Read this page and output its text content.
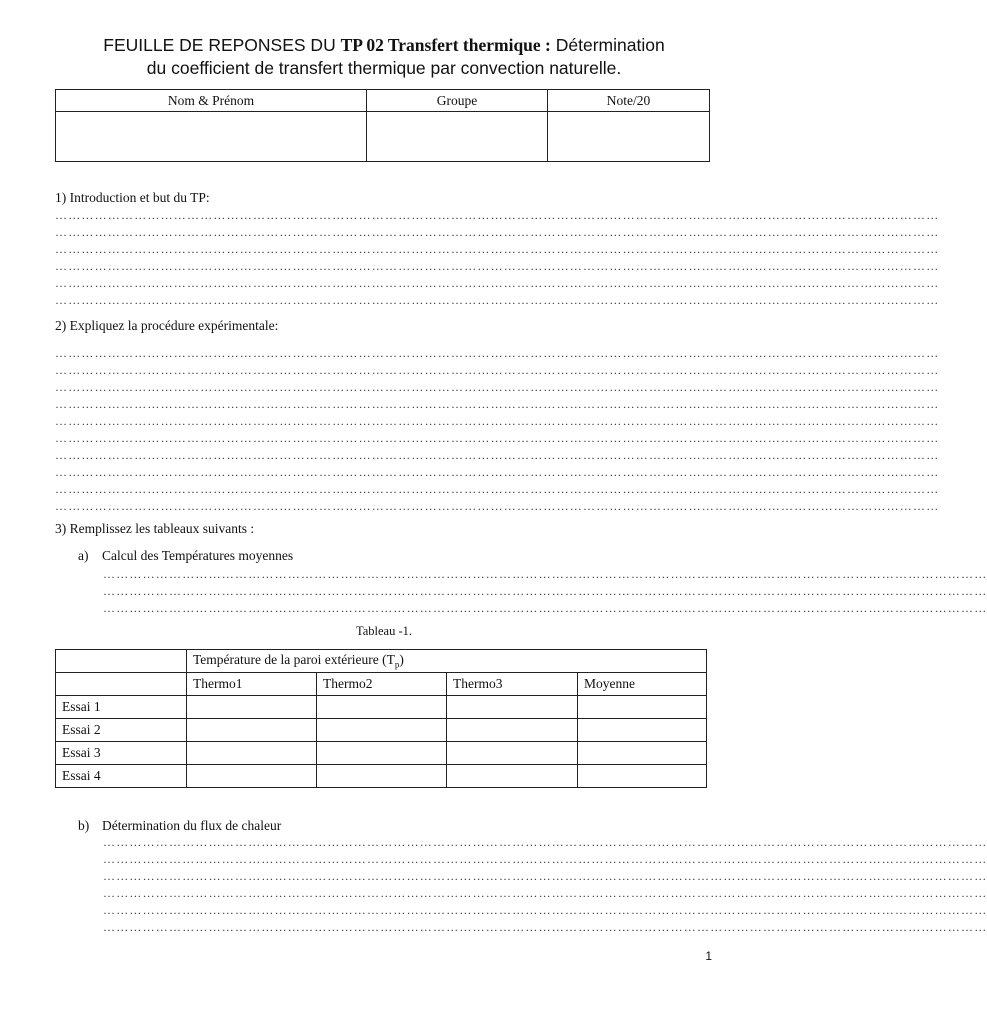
FEUILLE DE REPONSES DU TP 02 Transfert thermique : Détermination
du coefficient de transfert thermique par convection naturelle.
Nom & Prénom	Groupe	Note/20

1) Introduction et but du TP:
…………………………………………………………………………………………………………………………………………………………………………………
…………………………………………………………………………………………………………………………………………………………………………………
…………………………………………………………………………………………………………………………………………………………………………………
…………………………………………………………………………………………………………………………………………………………………………………
…………………………………………………………………………………………………………………………………………………………………………………
…………………………………………………………………………………………………………………………………………………………………………………
2) Expliquez la procédure expérimentale:
…………………………………………………………………………………………………………………………………………………………………………………
…………………………………………………………………………………………………………………………………………………………………………………
…………………………………………………………………………………………………………………………………………………………………………………
…………………………………………………………………………………………………………………………………………………………………………………
…………………………………………………………………………………………………………………………………………………………………………………
…………………………………………………………………………………………………………………………………………………………………………………
…………………………………………………………………………………………………………………………………………………………………………………
…………………………………………………………………………………………………………………………………………………………………………………
…………………………………………………………………………………………………………………………………………………………………………………
…………………………………………………………………………………………………………………………………………………………………………………
3) Remplissez les tableaux suivants :
a) Calcul des Températures moyennes
…………………………………………………………………………………………………………………………………………………………………………………
…………………………………………………………………………………………………………………………………………………………………………………
…………………………………………………………………………………………………………………………………………………………………………………
Tableau -1.
	Température de la paroi extérieure $(T_p)$			
	Thermo1	Thermo2	Thermo3	Moyenne
Essai 1				
Essai 2				
Essai 3				
Essai 4				
b) Détermination du flux de chaleur
…………………………………………………………………………………………………………………………………………………………………………………
…………………………………………………………………………………………………………………………………………………………………………………
…………………………………………………………………………………………………………………………………………………………………………………
…………………………………………………………………………………………………………………………………………………………………………………
…………………………………………………………………………………………………………………………………………………………………………………
…………………………………………………………………………………………………………………………………………………………………………………
1
